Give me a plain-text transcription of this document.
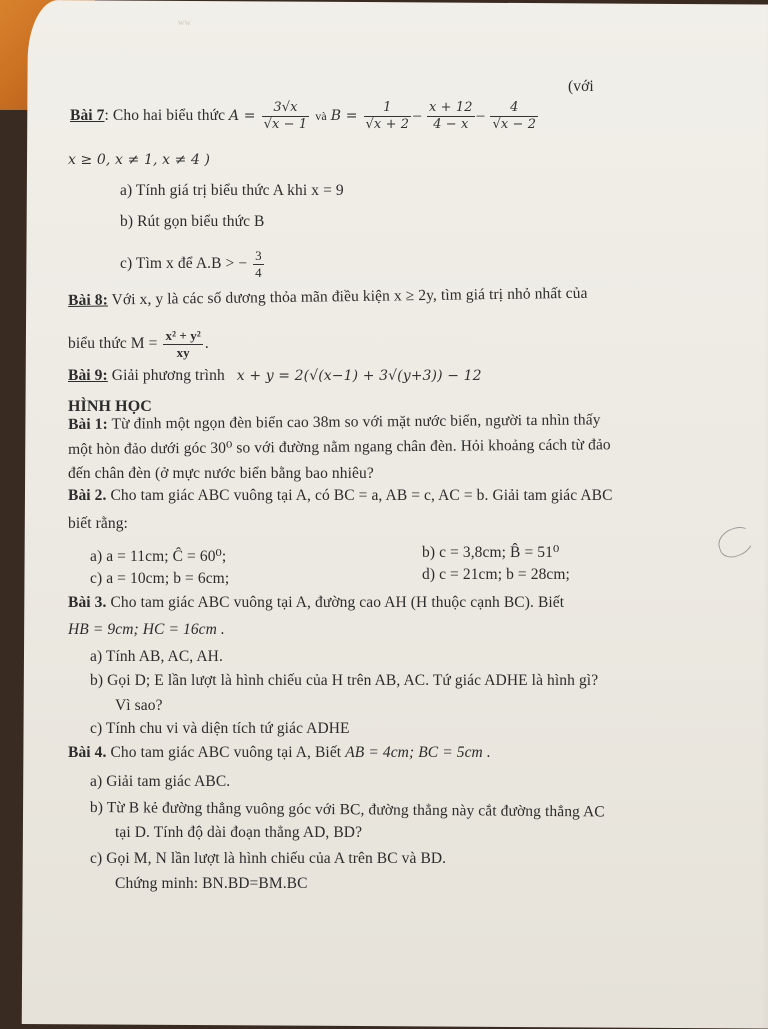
ww
Bài 7: Cho hai biểu thức $A = \frac{3√x}{√x - 1}$ và $B = \frac{1}{√x + 2} - \frac{x + 12}{4 - x} - \frac{4}{√x - 2}$
(với
x ≥ 0, x ≠ 1, x ≠ 4 )
a) Tính giá trị biểu thức A khi x = 9
b) Rút gọn biểu thức B
c) Tìm x để A.B > − $\frac{3}{4}$
Bài 8: Với x, y là các số dương thỏa mãn điều kiện x ≥ 2y, tìm giá trị nhỏ nhất của
biểu thức $M = \frac{\text{x² + y²}}{xy}$ .
Bài 9: Giải phương trình x + y = 2(√(x−1) + 3√(y+3)) − 12
HÌNH HỌC
Bài 1: Từ đỉnh một ngọn đèn biển cao 38m so với mặt nước biển, người ta nhìn thấy
một hòn đảo dưới góc 30⁰ so với đường nằm ngang chân đèn. Hỏi khoảng cách từ đảo
đến chân đèn (ở mực nước biển bằng bao nhiêu?
Bài 2. Cho tam giác ABC vuông tại A, có BC = a, AB = c, AC = b. Giải tam giác ABC
biết rằng:
a) a = 11cm; Ĉ = 60⁰;	b) c = 3,8cm; B̂ = 51⁰
c) a = 10cm; b = 6cm;	d) c = 21cm; b = 28cm;
Bài 3. Cho tam giác ABC vuông tại A, đường cao AH (H thuộc cạnh BC). Biết
HB = 9cm; HC = 16cm .
a) Tính AB, AC, AH.
b) Gọi D; E lần lượt là hình chiếu của H trên AB, AC. Tứ giác ADHE là hình gì?
Vì sao?
c) Tính chu vi và diện tích tứ giác ADHE
Bài 4. Cho tam giác ABC vuông tại A, Biết AB = 4cm; BC = 5cm .
a) Giải tam giác ABC.
b) Từ B kẻ đường thẳng vuông góc với BC, đường thẳng này cắt đường thẳng AC
tại D. Tính độ dài đoạn thẳng AD, BD?
c) Gọi M, N lần lượt là hình chiếu của A trên BC và BD.
Chứng minh: BN.BD=BM.BC
